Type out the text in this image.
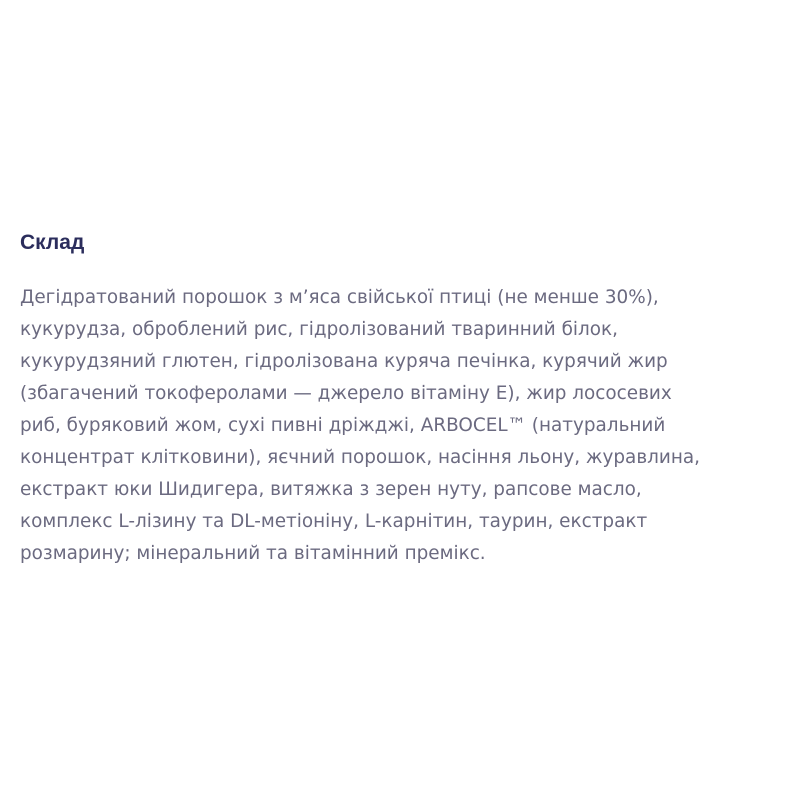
Склад

Дегідратований порошок з м’яса свійської птиці (не менше 30%),
кукурудза, оброблений рис, гідролізований тваринний білок,
кукурудзяний глютен, гідролізована куряча печінка, курячий жир
(збагачений токоферолами — джерело вітаміну Е), жир лососевих
риб, буряковий жом, сухі пивні дріжджі, ARBOCEL™ (натуральний
концентрат клітковини), яєчний порошок, насіння льону, журавлина,
екстракт юки Шидигера, витяжка з зерен нуту, рапсове масло,
комплекс L-лізину та DL-метіоніну, L-карнітин, таурин, екстракт
розмарину; мінеральний та вітамінний премікс.
